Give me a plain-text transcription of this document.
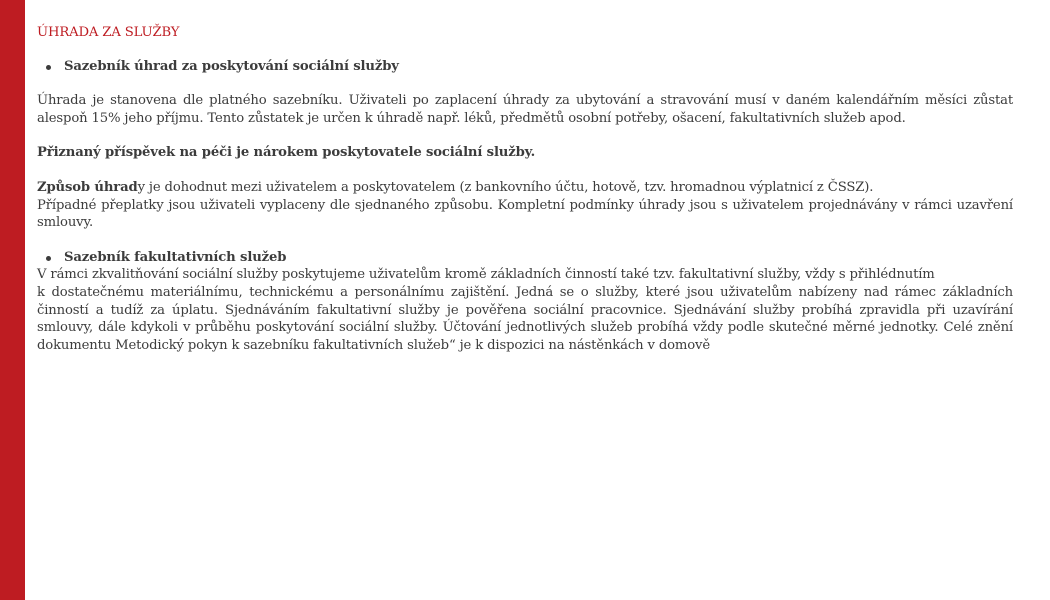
ÚHRADA ZA SLUŽBY
Sazebník úhrad za poskytování sociální služby

Úhrada je stanovena dle platného sazebníku. Uživateli po zaplacení úhrady za ubytování a stravování musí v daném kalendářním měsíci zůstat alespoň 15% jeho příjmu. Tento zůstatek je určen k úhradě např. léků, předmětů osobní potřeby, ošacení, fakultativních služeb apod.

Přiznaný příspěvek na péči je nárokem poskytovatele sociální služby.

Způsob úhrady je dohodnut mezi uživatelem a poskytovatelem (z bankovního účtu, hotově, tzv. hromadnou výplatnicí z ČSSZ).

Případné přeplatky jsou uživateli vyplaceny dle sjednaného způsobu. Kompletní podmínky úhrady jsou s uživatelem projednávány v rámci uzavření smlouvy.

Sazebník fakultativních služeb

V rámci zkvalitňování sociální služby poskytujeme uživatelům kromě základních činností také tzv. fakultativní služby, vždy s přihlédnutím

k dostatečnému materiálnímu, technickému a personálnímu zajištění. Jedná se o služby, které jsou uživatelům nabízeny nad rámec základních činností a tudíž za úplatu. Sjednáváním fakultativní služby je pověřena sociální pracovnice. Sjednávání služby probíhá zpravidla při uzavírání smlouvy, dále kdykoli v průběhu poskytování sociální služby. Účtování jednotlivých služeb probíhá vždy podle skutečné měrné jednotky. Celé znění dokumentu Metodický pokyn k sazebníku fakultativních služeb“ je k dispozici na nástěnkách v domově
